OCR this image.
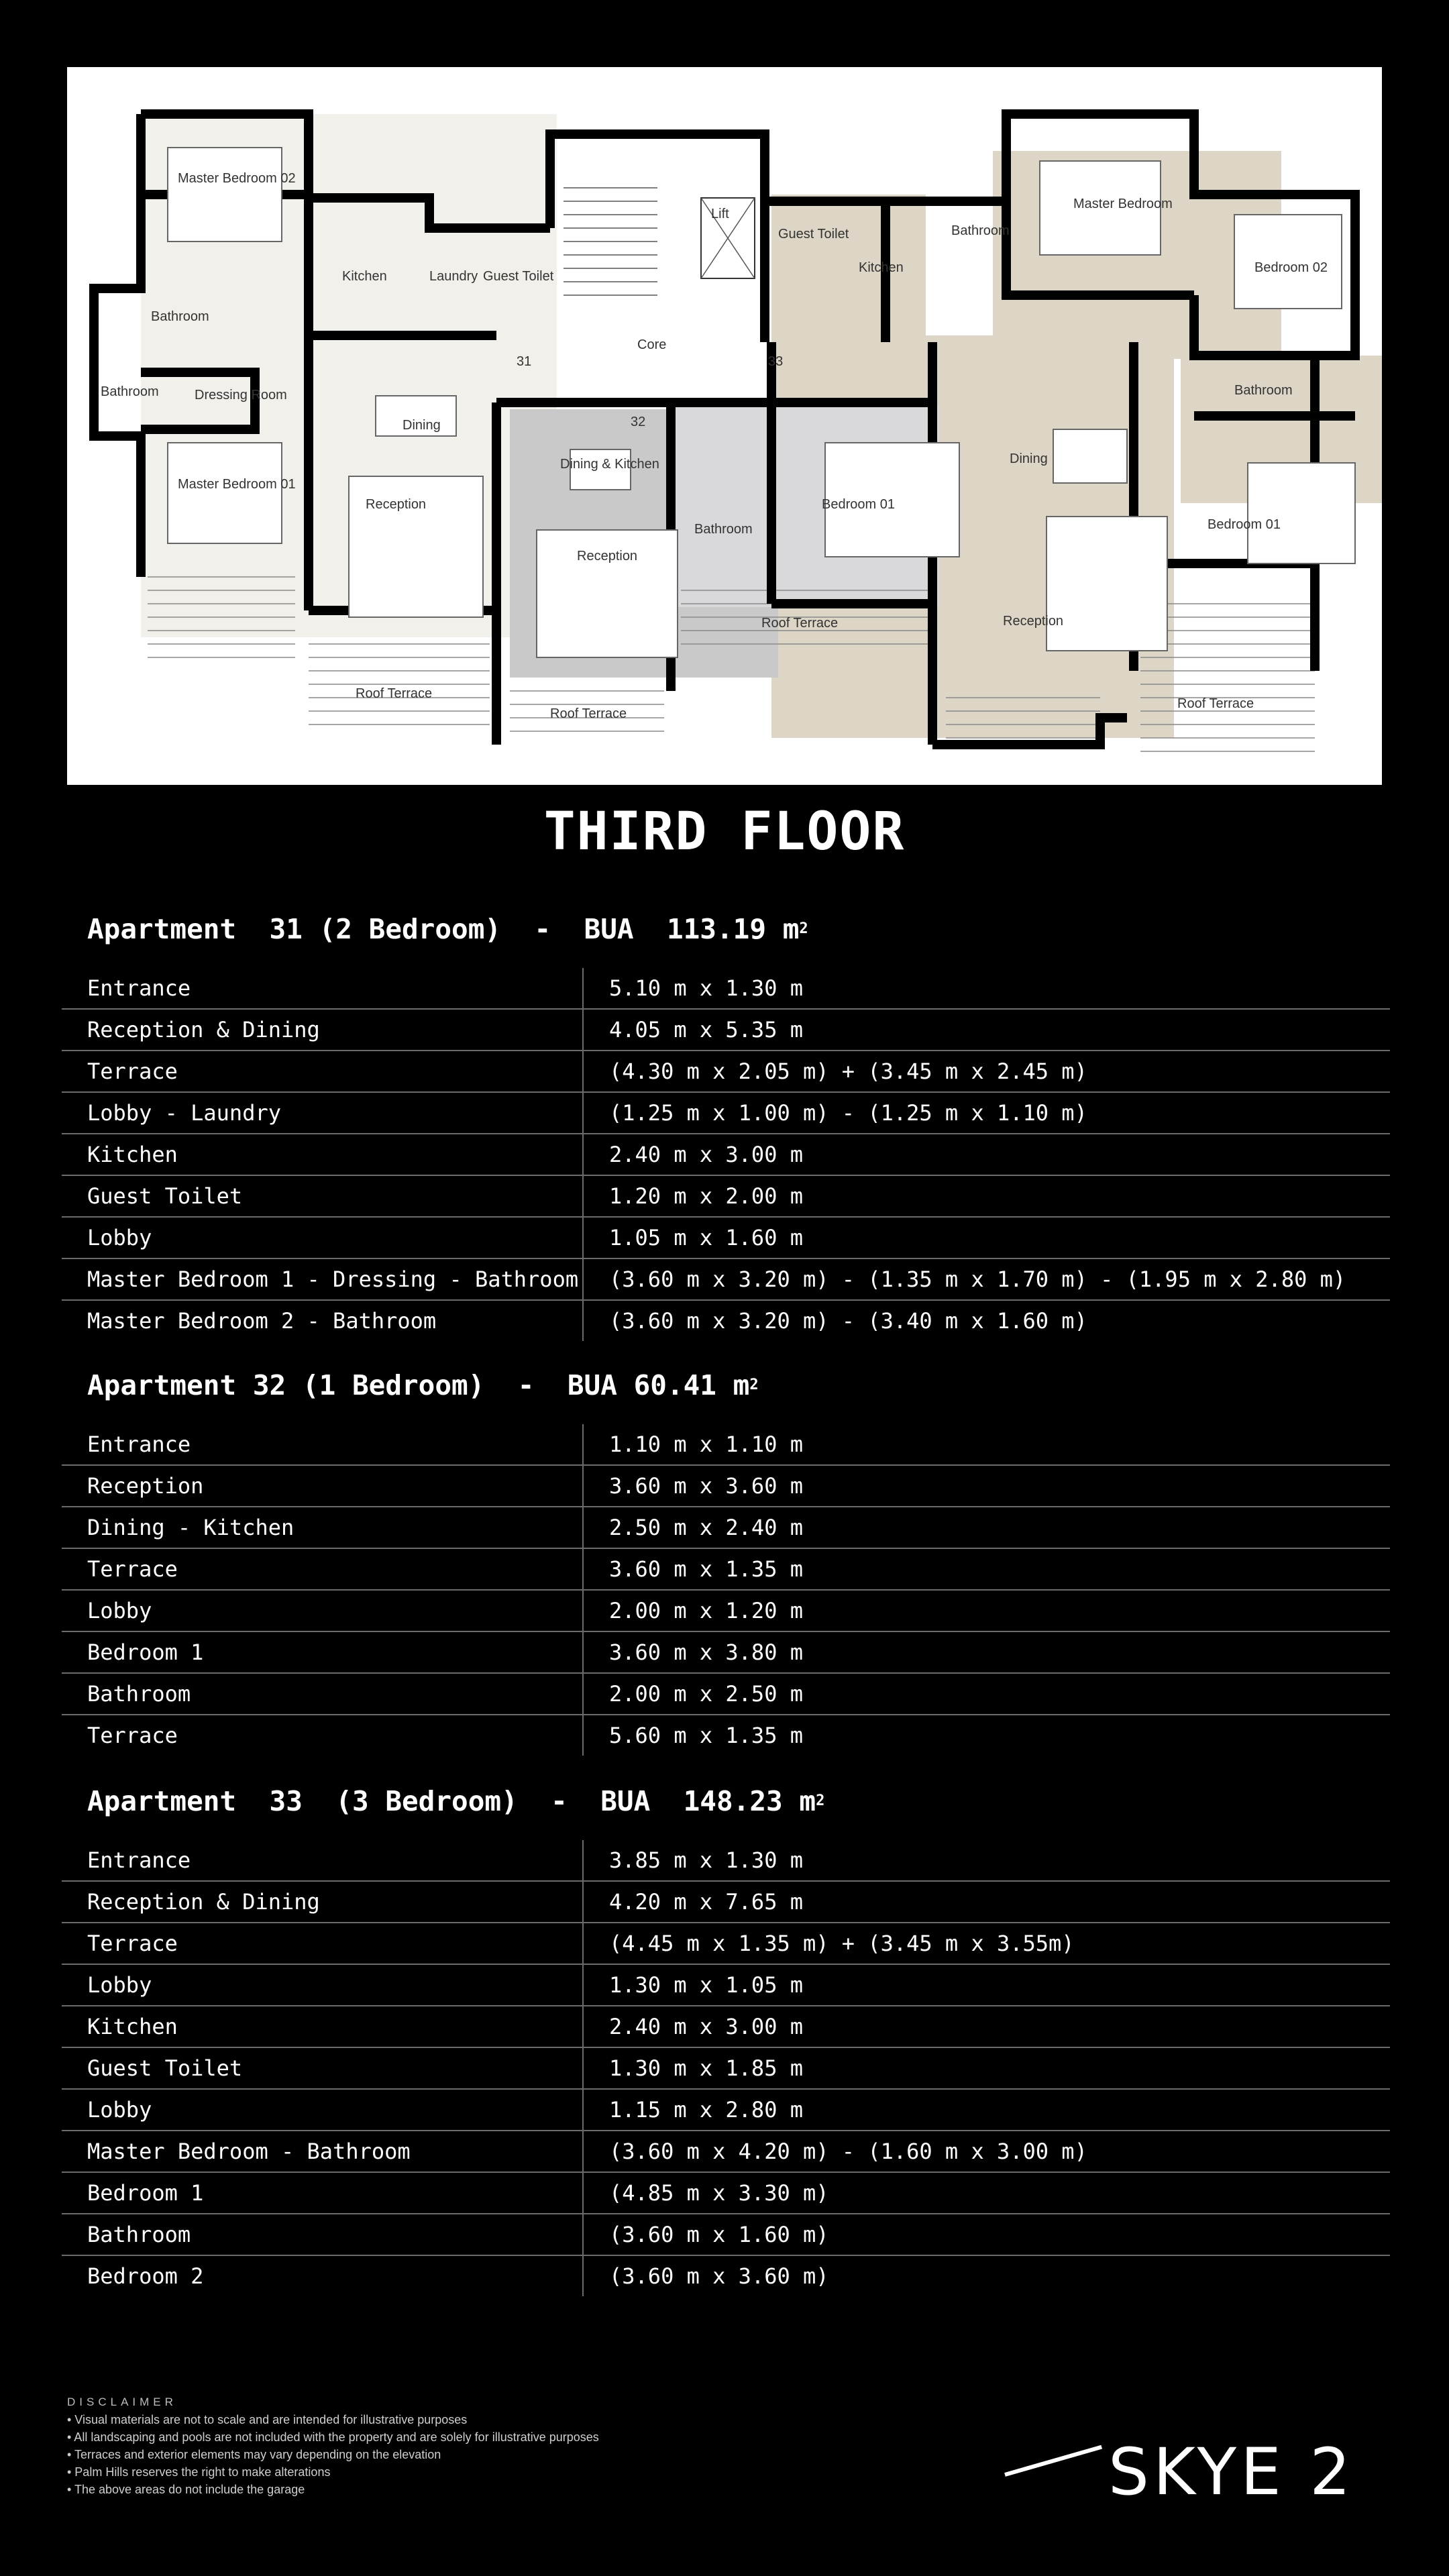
Master Bedroom 02
Bathroom
Bathroom	Dressing Room
Master Bedroom 01
Kitchen	Laundry Guest Toilet
Dining
Reception
Roof Terrace
31
Core
Lift
32
Dining & Kitchen
Reception
Roof Terrace
Bathroom
Bedroom 01
Roof Terrace
33
Guest Toilet
Kitchen
Bathroom
Master Bedroom
Bedroom 02
Bathroom
Dining
Bedroom 01
Reception
Roof Terrace
THIRD FLOOR
Apartment  31 (2 Bedroom)  -  BUA  113.19 $m^2$
Entrance	5.10 m x 1.30 m
Reception & Dining	4.05 m x 5.35 m
Terrace	(4.30 m x 2.05 m) + (3.45 m x 2.45 m)
Lobby - Laundry	(1.25 m x 1.00 m) - (1.25 m x 1.10 m)
Kitchen	2.40 m x 3.00 m
Guest Toilet	1.20 m x 2.00 m
Lobby	1.05 m x 1.60 m
Master Bedroom 1 - Dressing - Bathroom	(3.60 m x 3.20 m) - (1.35 m x 1.70 m) - (1.95 m x 2.80 m)
Master Bedroom 2 - Bathroom	(3.60 m x 3.20 m) - (3.40 m x 1.60 m)
Apartment 32 (1 Bedroom)  -  BUA 60.41 $m^2$
Entrance	1.10 m x 1.10 m
Reception	3.60 m x 3.60 m
Dining - Kitchen	2.50 m x 2.40 m
Terrace	3.60 m x 1.35 m
Lobby	2.00 m x 1.20 m
Bedroom 1	3.60 m x 3.80 m
Bathroom	2.00 m x 2.50 m
Terrace	5.60 m x 1.35 m
Apartment  33  (3 Bedroom)  -  BUA  148.23 $m^2$
Entrance	3.85 m x 1.30 m
Reception & Dining	4.20 m x 7.65 m
Terrace	(4.45 m x 1.35 m) + (3.45 m x 3.55m)
Lobby	1.30 m x 1.05 m
Kitchen	2.40 m x 3.00 m
Guest Toilet	1.30 m x 1.85 m
Lobby	1.15 m x 2.80 m
Master Bedroom - Bathroom	(3.60 m x 4.20 m) - (1.60 m x 3.00 m)
Bedroom 1	(4.85 m x 3.30 m)
Bathroom	(3.60 m x 1.60 m)
Bedroom 2	(3.60 m x 3.60 m)
DISCLAIMER
• Visual materials are not to scale and are intended for illustrative purposes
• All landscaping and pools are not included with the property and are solely for illustrative purposes
• Terraces and exterior elements may vary depending on the elevation
• Palm Hills reserves the right to make alterations
• The above areas do not include the garage	SKYE 2
